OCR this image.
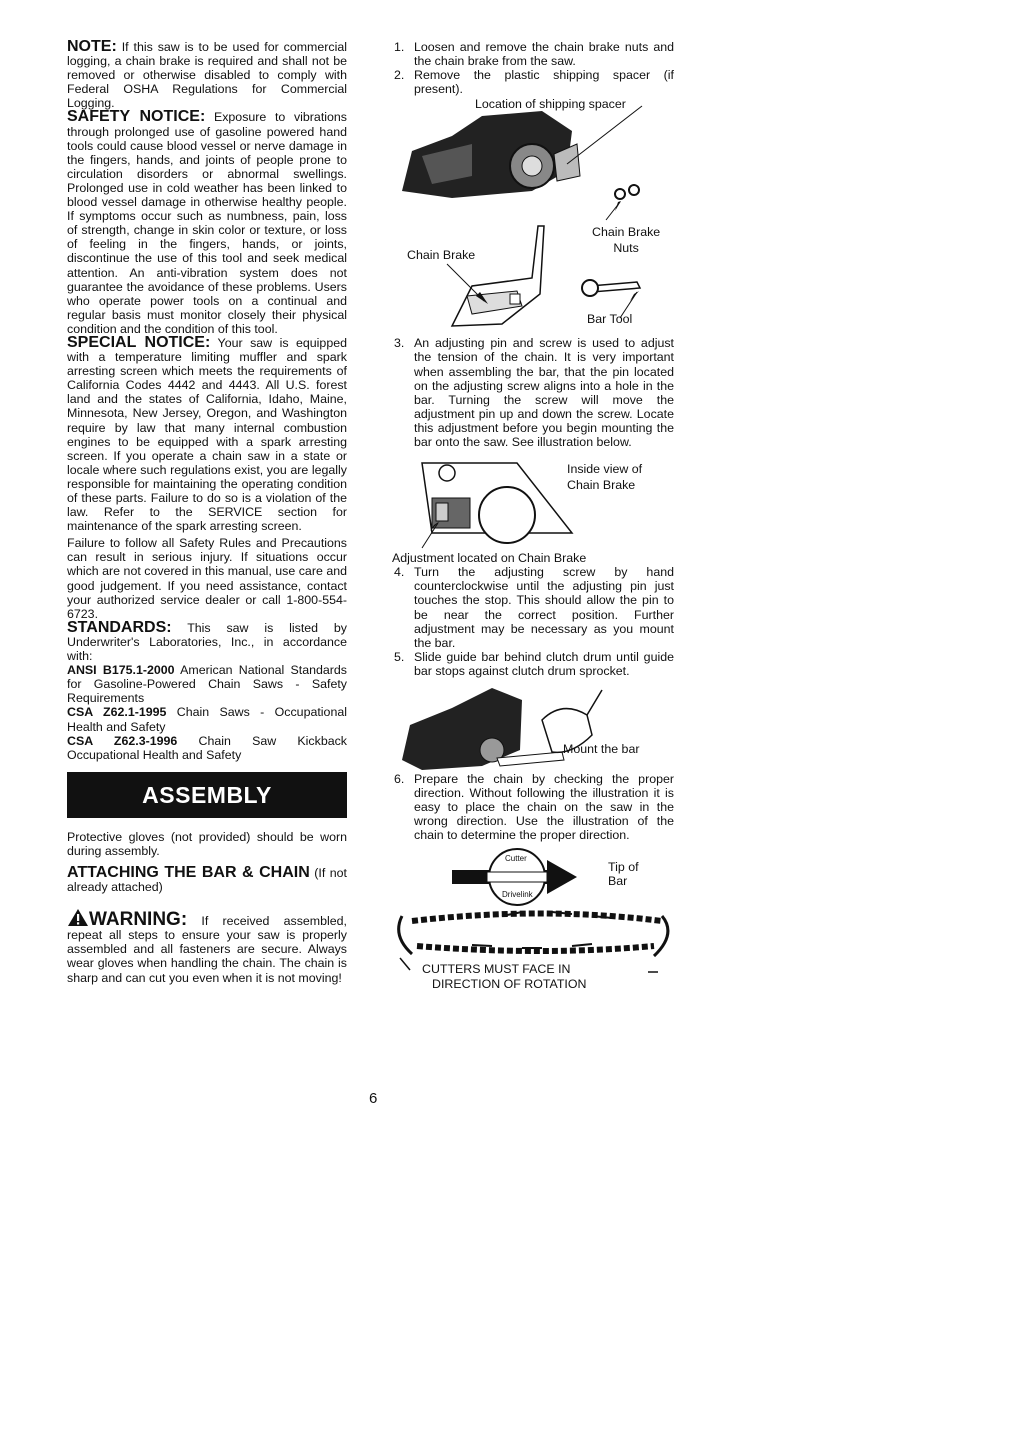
NOTE: If this saw is to be used for commercial logging, a chain brake is required and shall not be removed or otherwise disabled to comply with Federal OSHA Regulations for Commercial Logging.

SAFETY NOTICE: Exposure to vibrations through prolonged use of gasoline powered hand tools could cause blood vessel or nerve damage in the fingers, hands, and joints of people prone to circulation disorders or abnormal swellings. Prolonged use in cold weather has been linked to blood vessel damage in otherwise healthy people. If symptoms occur such as numbness, pain, loss of strength, change in skin color or texture, or loss of feeling in the fingers, hands, or joints, discontinue the use of this tool and seek medical attention. An anti-vibration system does not guarantee the avoidance of these problems. Users who operate power tools on a continual and regular basis must monitor closely their physical condition and the condition of this tool.

SPECIAL NOTICE: Your saw is equipped with a temperature limiting muffler and spark arresting screen which meets the requirements of California Codes 4442 and 4443. All U.S. forest land and the states of California, Idaho, Maine, Minnesota, New Jersey, Oregon, and Washington require by law that many internal combustion engines to be equipped with a spark arresting screen. If you operate a chain saw in a state or locale where such regulations exist, you are legally responsible for maintaining the operating condition of these parts. Failure to do so is a violation of the law. Refer to the SERVICE section for maintenance of the spark arresting screen.

Failure to follow all Safety Rules and Precautions can result in serious injury. If situations occur which are not covered in this manual, use care and good judgement. If you need assistance, contact your authorized service dealer or call 1-800-554-6723.

STANDARDS: This saw is listed by Underwriter's Laboratories, Inc., in accordance with:

ANSI B175.1-2000 American National Standards for Gasoline-Powered Chain Saws - Safety Requirements

CSA Z62.1-1995 Chain Saws - Occupational Health and Safety

CSA Z62.3-1996 Chain Saw Kickback Occupational Health and Safety

ASSEMBLY

Protective gloves (not provided) should be worn during assembly.

ATTACHING THE BAR & CHAIN (If not already attached)

WARNING: If received assembled, repeat all steps to ensure your saw is properly assembled and all fasteners are secure. Always wear gloves when handling the chain. The chain is sharp and can cut you even when it is not moving!

1. Loosen and remove the chain brake nuts and the chain brake from the saw.
2. Remove the plastic shipping spacer (if present).
Location of shipping spacer
Chain Brake
Nuts
Chain Brake
Bar Tool
3. An adjusting pin and screw is used to adjust the tension of the chain. It is very important when assembling the bar, that the pin located on the adjusting screw aligns into a hole in the bar. Turning the screw will move the adjustment pin up and down the screw. Locate this adjustment before you begin mounting the bar onto the saw. See illustration below.
Inside view of
Chain Brake

Adjustment located on Chain Brake

4. Turn the adjusting screw by hand counterclockwise until the adjusting pin just touches the stop. This should allow the pin to be near the correct position. Further adjustment may be necessary as you mount the bar.
5. Slide guide bar behind clutch drum until guide bar stops against clutch drum sprocket.
Mount the bar
6. Prepare the chain by checking the proper direction. Without following the illustration it is easy to place the chain on the saw in the wrong direction. Use the illustration of the chain to determine the proper direction.
Cutter
Drivelink
Tip of
Bar
CUTTERS MUST FACE IN
DIRECTION OF ROTATION
6
